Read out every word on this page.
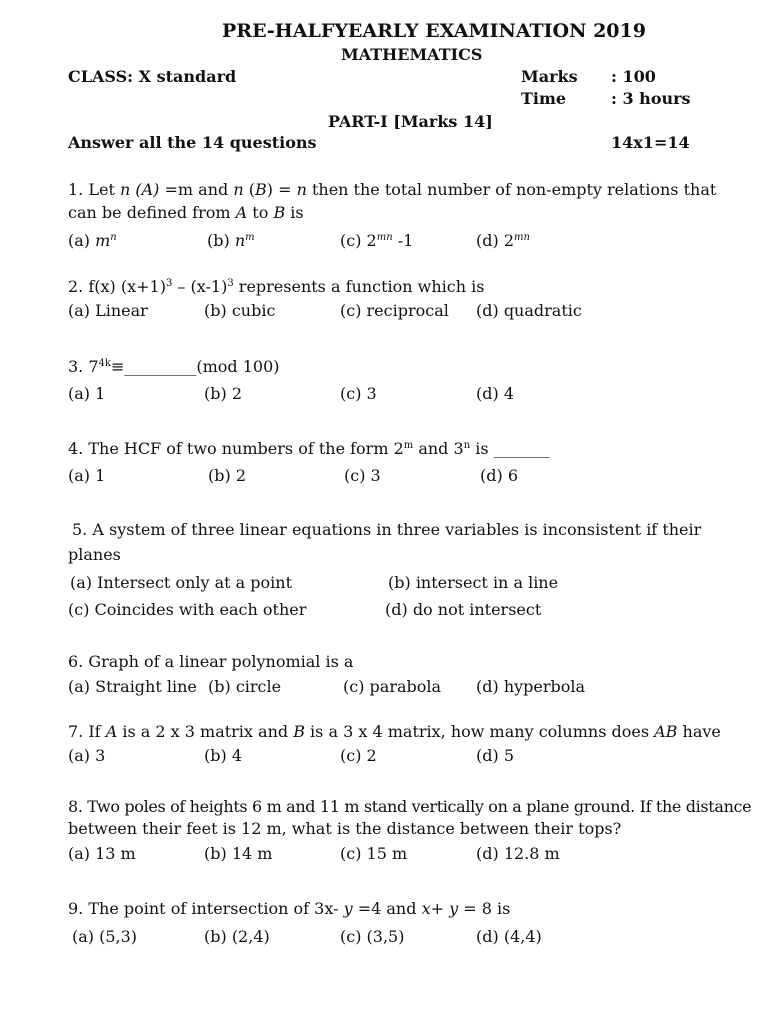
PRE-HALFYEARLY EXAMINATION 2019
MATHEMATICS
CLASS: X standard	Marks : 100
Time	: 3 hours
PART-I [Marks 14]
Answer all the 14 questions	14x1=14
1. Let n (A) =m and n (B) = n then the total number of non-empty relations that
can be defined from A to B is
(a) $m^n$	(b) $n^m$	(c) $2^{mn}$ -1	(d) $2^{mn}$
2. f(x) $(x+1)^3 - (x-1)^3$ represents a function which is
(a) Linear	(b) cubic	(c) reciprocal (d) quadratic
3. $7^{4k}\equiv\_\_\_\_\_\_\_\_\_(mod$ 100)
(a) 1	(b) 2	(c) 3	(d) 4
4. The HCF of two numbers of the form 2$^m$ and 3$^n$ is _______
(a) 1	(b) 2	(c) 3	(d) 6
5. A system of three linear equations in three variables is inconsistent if their
planes
(a) Intersect only at a point	(b) intersect in a line
(c) Coincides with each other	(d) do not intersect
6. Graph of a linear polynomial is a
(a) Straight line (b) circle	(c) parabola (d) hyperbola
7. If A is a 2 x 3 matrix and B is a 3 x 4 matrix, how many columns does AB have
(a) 3	(b) 4	(c) 2	(d) 5
8. Two poles of heights 6 m and 11 m stand vertically on a plane ground. If the distance
between their feet is 12 m, what is the distance between their tops?
(a) 13 m	(b) 14 m	(c) 15 m	(d) 12.8 m
9. The point of intersection of 3x- y =4 and x+ y = 8 is
(a) (5,3)	(b) (2,4)	(c) (3,5)	(d) (4,4)
